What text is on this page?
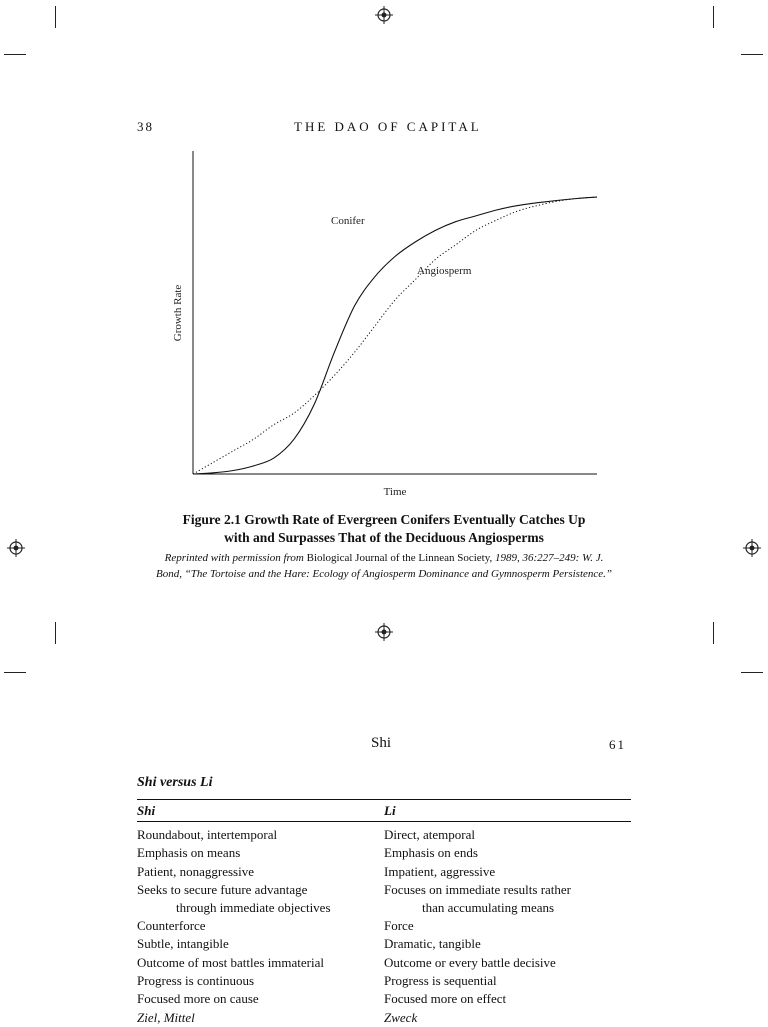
38	THE DAO OF CAPITAL
Conifer
Angiosperm
Time
Growth Rate
Figure 2.1 Growth Rate of Evergreen Conifers Eventually Catches Up
with and Surpasses That of the Deciduous Angiosperms
Reprinted with permission from Biological Journal of the Linnean Society, 1989, 36:227–249: W. J.
Bond, “The Tortoise and the Hare: Ecology of Angiosperm Dominance and Gymnosperm Persistence.”
Shi	61
Shi versus Li
Shi	Li
Roundabout, intertemporal	Direct, atemporal
Emphasis on means	Emphasis on ends
Patient, nonaggressive	Impatient, aggressive
Seeks to secure future advantage	Focuses on immediate results rather
through immediate objectives	than accumulating means
Counterforce	Force
Subtle, intangible	Dramatic, tangible
Outcome of most battles immaterial	Outcome or every battle decisive
Progress is continuous	Progress is sequential
Focused more on cause	Focused more on effect
Ziel, Mittel	Zweck
